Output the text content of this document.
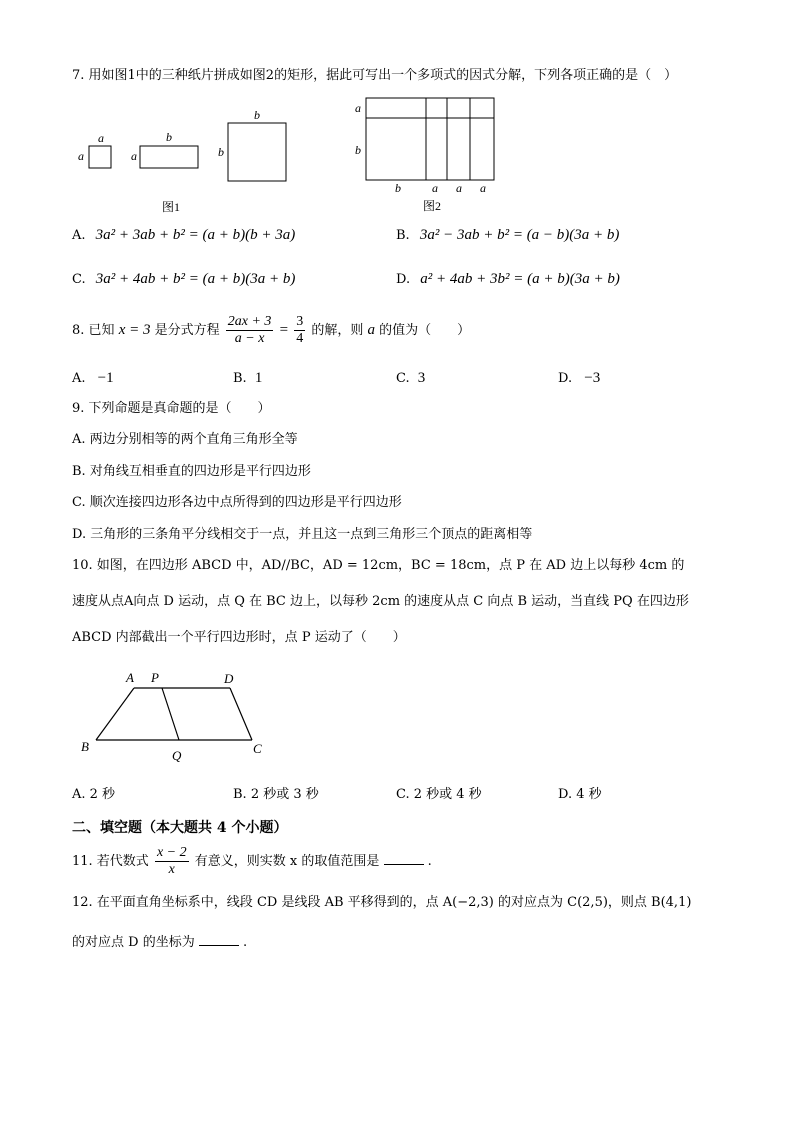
7. 用如图1中的三种纸片拼成如图2的矩形，据此可写出一个多项式的因式分解，下列各项正确的是（　）
a
a
b
a
b
b
图1
a
b
b	a a a
图2
A. 3a² + 3ab + b² = (a + b)(b + 3a)	B. 3a² − 3ab + b² = (a − b)(3a + b)
C. 3a² + 4ab + b² = (a + b)(3a + b)	D. a² + 4ab + 3b² = (a + b)(3a + b)
8. 已知 x = 3 是分式方程 $\frac{2ax + 3}{a - x} = \frac{3}{4}$ 的解，则 a 的值为（　　）
A. −1	B. 1	C. 3	D. −3
9. 下列命题是真命题的是（　　）
A. 两边分别相等的两个直角三角形全等
B. 对角线互相垂直的四边形是平行四边形
C. 顺次连接四边形各边中点所得到的四边形是平行四边形
D. 三角形的三条角平分线相交于一点，并且这一点到三角形三个顶点的距离相等
10. 如图，在四边形 ABCD 中，AD//BC，AD = 12cm，BC = 18cm，点 P 在 AD 边上以每秒 4cm 的
速度从点A向点 D 运动，点 Q 在 BC 边上，以每秒 2cm 的速度从点 C 向点 B 运动，当直线 PQ 在四边形
ABCD 内部截出一个平行四边形时，点 P 运动了（　　）
A P	D
B
Q	C
A. 2 秒	B. 2 秒或 3 秒	C. 2 秒或 4 秒	D. 4 秒
二、填空题（本大题共 4 个小题）
11. 若代数式 $\frac{x - 2}{x}$ 有意义，则实数 x 的取值范围是	.
12. 在平面直角坐标系中，线段 CD 是线段 AB 平移得到的，点 A(−2,3) 的对应点为 C(2,5)，则点 B(4,1)
的对应点 D 的坐标为	.
